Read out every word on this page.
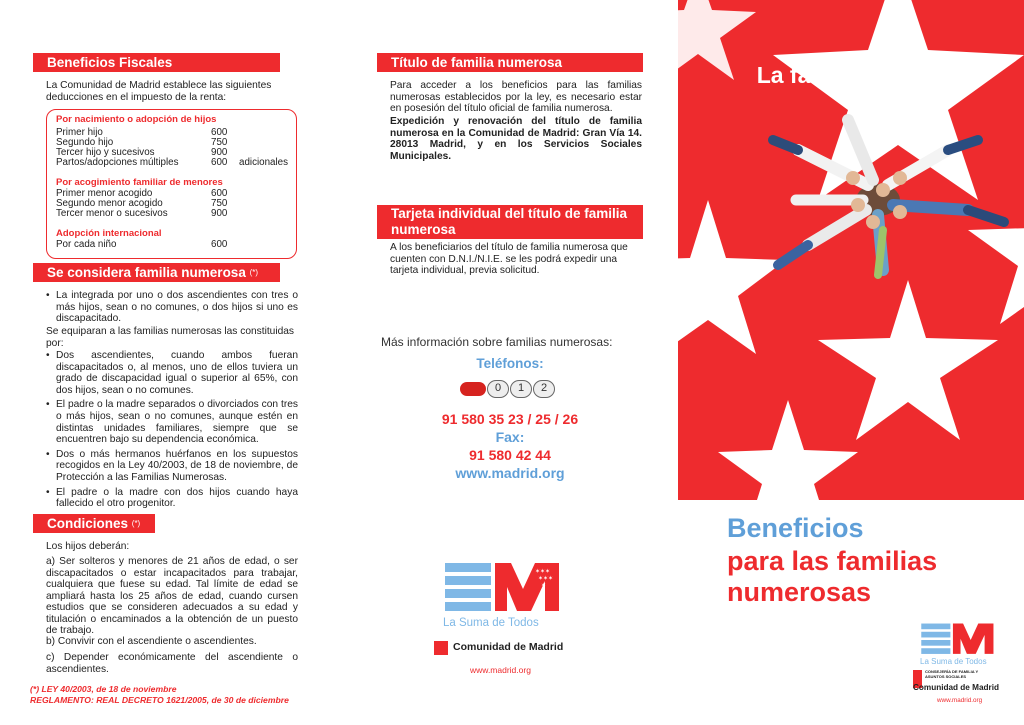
Beneficios Fiscales
La Comunidad de Madrid establece las siguientes deducciones en el impuesto de la renta:
Por nacimiento o adopción de hijos
Primer hijo	600
Segundo hijo	750
Tercer hijo y sucesivos	900
Partos/adopciones múltiples	600 adicionales
Por acogimiento familiar de menores
Primer menor acogido	600
Segundo menor acogido	750
Tercer menor o sucesivos	900
Adopción internacional
Por cada niño	600
Se considera familia numerosa (*)
• La integrada por uno o dos ascendientes con tres o más hijos, sean o no comunes, o dos hijos si uno es discapacitado.
Se equiparan a las familias numerosas las constituidas por:
• Dos ascendientes, cuando ambos fueran discapacitados o, al menos, uno de ellos tuviera un grado de discapacidad igual o superior al 65%, con dos hijos, sean o no comunes.
• El padre o la madre separados o divorciados con tres o más hijos, sean o no comunes, aunque estén en distintas unidades familiares, siempre que se encuentren bajo su dependencia económica.
• Dos o más hermanos huérfanos en los supuestos recogidos en la Ley 40/2003, de 18 de noviembre, de Protección a las Familias Numerosas.
• El padre o la madre con dos hijos cuando haya fallecido el otro progenitor.
Condiciones (*)
Los hijos deberán:
a) Ser solteros y menores de 21 años de edad, o ser discapacitados o estar incapacitados para trabajar, cualquiera que fuese su edad. Tal límite de edad se ampliará hasta los 25 años de edad, cuando cursen estudios que se consideren adecuados a su edad y titulación o encaminados a la obtención de un puesto de trabajo.
b) Convivir con el ascendiente o ascendientes.
c) Depender económicamente del ascendiente o ascendientes.
(*) LEY 40/2003, de 18 de noviembre
REGLAMENTO: REAL DECRETO 1621/2005, de 30 de diciembre
Título de familia numerosa
Para acceder a los beneficios para las familias numerosas establecidos por la ley, es necesario estar en posesión del título oficial de familia numerosa.
Expedición y renovación del título de familia numerosa en la Comunidad de Madrid: Gran Vía 14. 28013 Madrid, y en los Servicios Sociales Municipales.
Tarjeta individual del título de familia numerosa
A los beneficiarios del título de familia numerosa que cuenten con D.N.I./N.I.E. se les podrá expedir una tarjeta individual, previa solicitud.
Más información sobre familias numerosas:
Teléfonos:
0	1	2
91 580 35 23 / 25 / 26
Fax:
91 580 42 44
www.madrid.org
✶✶✶
✶✶✶
✶
La Suma de Todos
Comunidad de Madrid
www.madrid.org
La familia cuenta
Beneficios
para las familias
numerosas
La Suma de Todos
CONSEJERÍA DE FAMILIA Y ASUNTOS SOCIALES
Comunidad de Madrid
www.madrid.org
